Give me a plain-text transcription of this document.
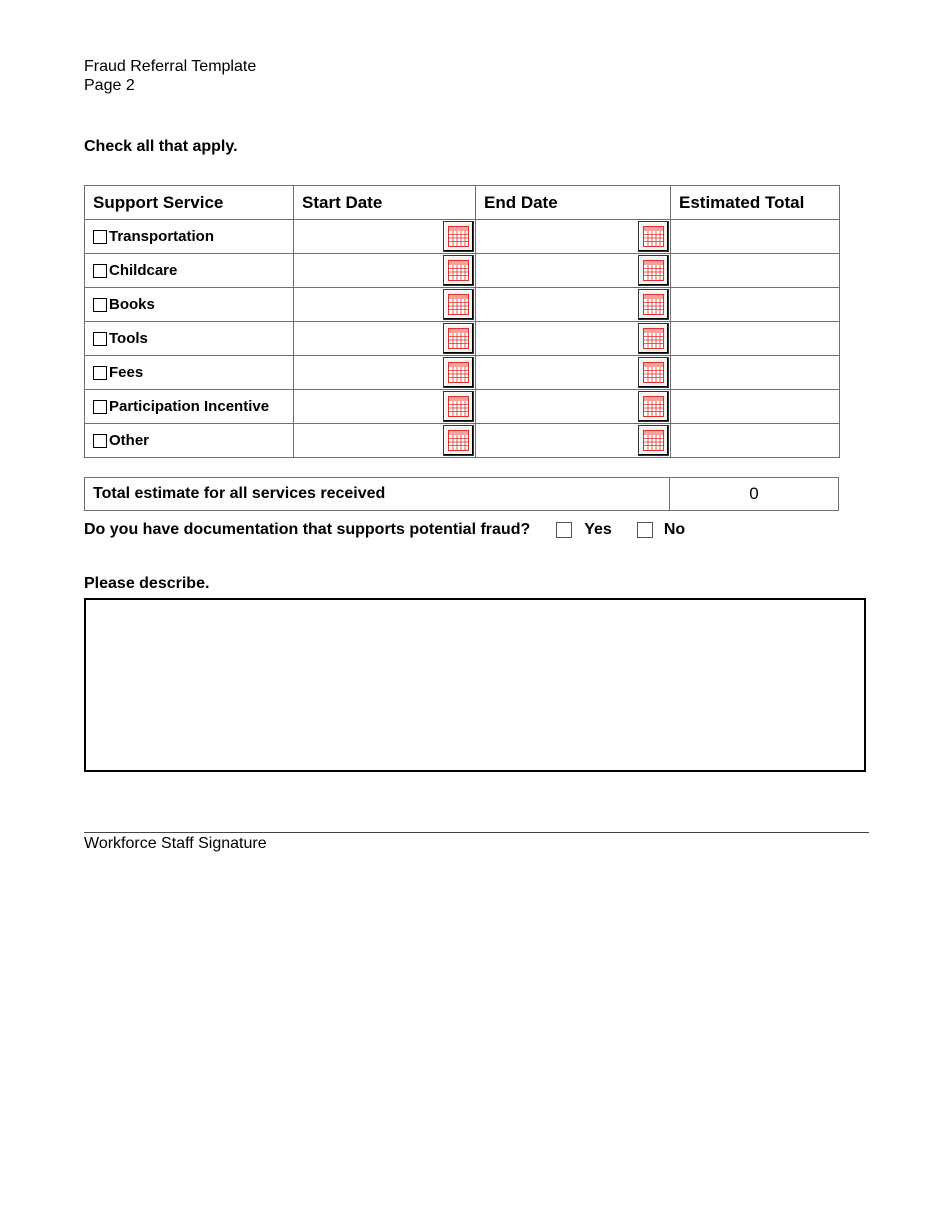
Fraud Referral Template
Page 2
Check all that apply.
Support Service	Start Date	End Date	Estimated Total

Transportation

Childcare

Books

Tools

Fees

Participation Incentive

Other

Total estimate for all services received	0
Do you have documentation that supports potential fraud?	Yes	No
Please describe.
Workforce Staff Signature
